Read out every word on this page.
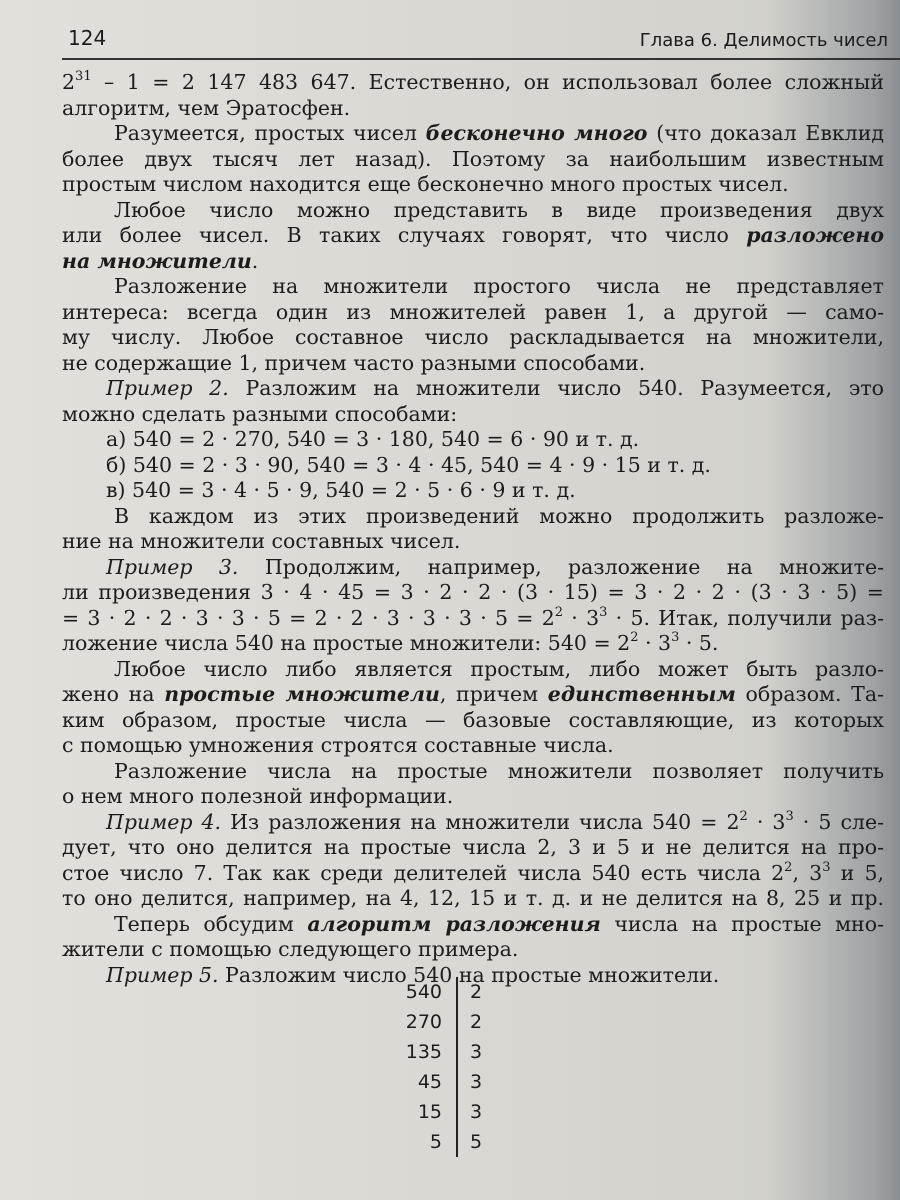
124	Глава 6. Делимость чисел
$2^{31} - 1 = 2$ 147 483 647. Естественно, он использовал более сложный
алгоритм, чем Эратосфен.
Разумеется, простых чисел бесконечно много (что доказал Евклид
более двух тысяч лет назад). Поэтому за наибольшим известным
простым числом находится еще бесконечно много простых чисел.
Любое число можно представить в виде произведения двух
или более чисел. В таких случаях говорят, что число разложено
на множители.
Разложение на множители простого числа не представляет
интереса: всегда один из множителей равен 1, а другой — само-
му числу. Любое составное число раскладывается на множители,
не содержащие 1, причем часто разными способами.
Пример 2. Разложим на множители число 540. Разумеется, это
можно сделать разными способами:
а) 540 = 2 · 270, 540 = 3 · 180, 540 = 6 · 90 и т. д.
б) 540 = 2 · 3 · 90, 540 = 3 · 4 · 45, 540 = 4 · 9 · 15 и т. д.
в) 540 = 3 · 4 · 5 · 9, 540 = 2 · 5 · 6 · 9 и т. д.
В каждом из этих произведений можно продолжить разложе-
ние на множители составных чисел.
Пример 3. Продолжим, например, разложение на множите-
ли произведения 3 · 4 · 45 = 3 · 2 · 2 · (3 · 15) = 3 · 2 · 2 · (3 · 3 · 5) =
= $3 \cdot 2 \cdot 2 \cdot 3 \cdot 3 \cdot 5 = 2 \cdot 2 \cdot 3 \cdot 3 \cdot 3 \cdot 5 = 2^2 \cdot 3^3 \cdot 5$. Итак, получили раз-
ложение числа 540 на простые множители: $540 = 2^2 \cdot 3^3 \cdot 5$.
Любое число либо является простым, либо может быть разло-
жено на простые множители, причем единственным образом. Та-
ким образом, простые числа — базовые составляющие, из которых
с помощью умножения строятся составные числа.
Разложение числа на простые множители позволяет получить
о нем много полезной информации.
Пример 4. Из разложения на множители числа $540 = 2^2 \cdot 3^3 \cdot 5$ сле-
дует, что оно делится на простые числа 2, 3 и 5 и не делится на про-
стое число 7. Так как среди делителей числа 540 есть числа $2^2$, $3^3$ и 5,
то оно делится, например, на 4, 12, 15 и т. д. и не делится на 8, 25 и пр.
Теперь обсудим алгоритм разложения числа на простые мно-
жители с помощью следующего примера.
Пример 5. Разложим число 540 на простые множители.
540	2
270	2
135	3
45	3
15	3
5	5
